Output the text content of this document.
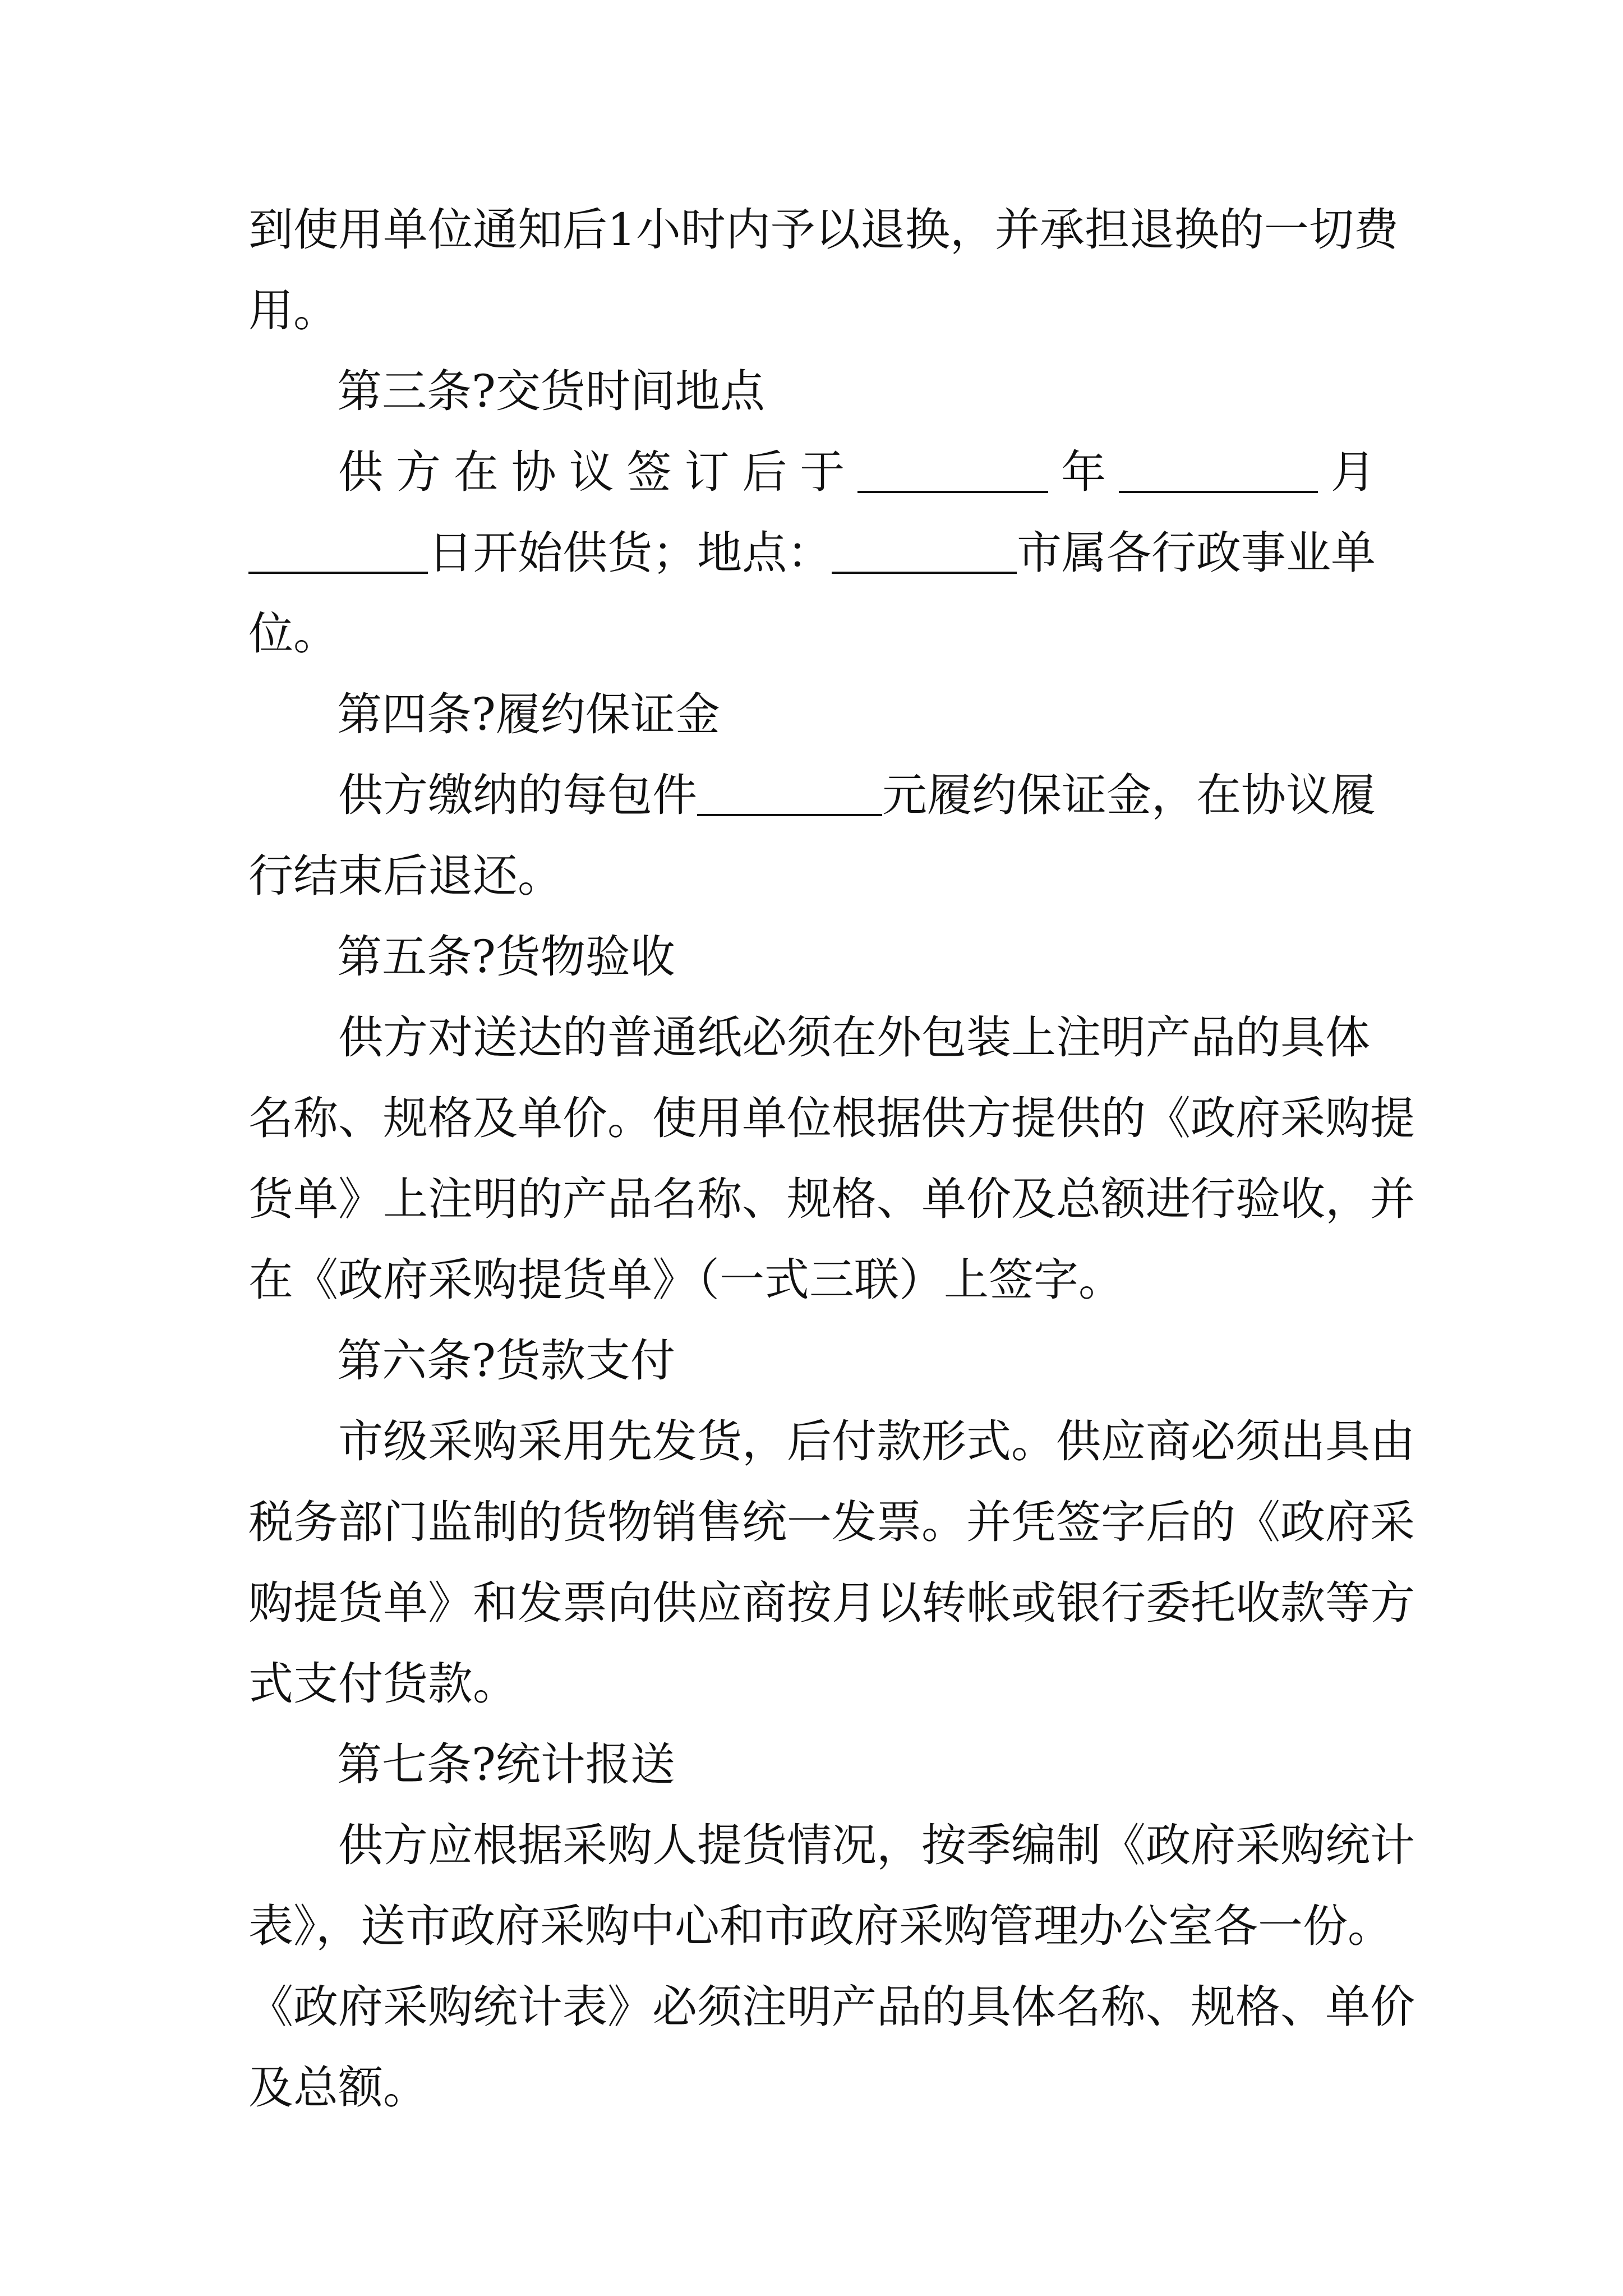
到 使 用 单 位 通 知 后 1 小 时 内 予 以 退 换 ， 并 承 担 退 换 的 一 切 费
用。
第三条?交货时间地点
供 方 在 协 议 签 订 后 于	年	月
日开始供货；地点：	市属各行政事业单
位。
第四条?履约保证金
供方缴纳的每包件	元履约保证金，在协议履
行结束后退还。
第五条?货物验收
供方对送达的普通纸必须在外包装上注明产品的具体
名称、规格及单价。使用单位根据供方提供的《政府采购提
货单》上注明的产品名称、规格、单价及总额进行验收，并
在《政府采购提货单》（一式三联）上签字。
第六条?货款支付
市级采购采用先发货，后付款形式。供应商必须出具由
税务部门监制的货物销售统一发票。并凭签字后的《政府采
购提货单》和发票向供应商按月以转帐或银行委托收款等方
式支付货款。
第七条?统计报送
供方应根据采购人提货情况，按季编制《政府采购统计
表》，送市政府采购中心和市政府采购管理办公室各一份。
《政府采购统计表》必须注明产品的具体名称、规格、单价
及总额。
